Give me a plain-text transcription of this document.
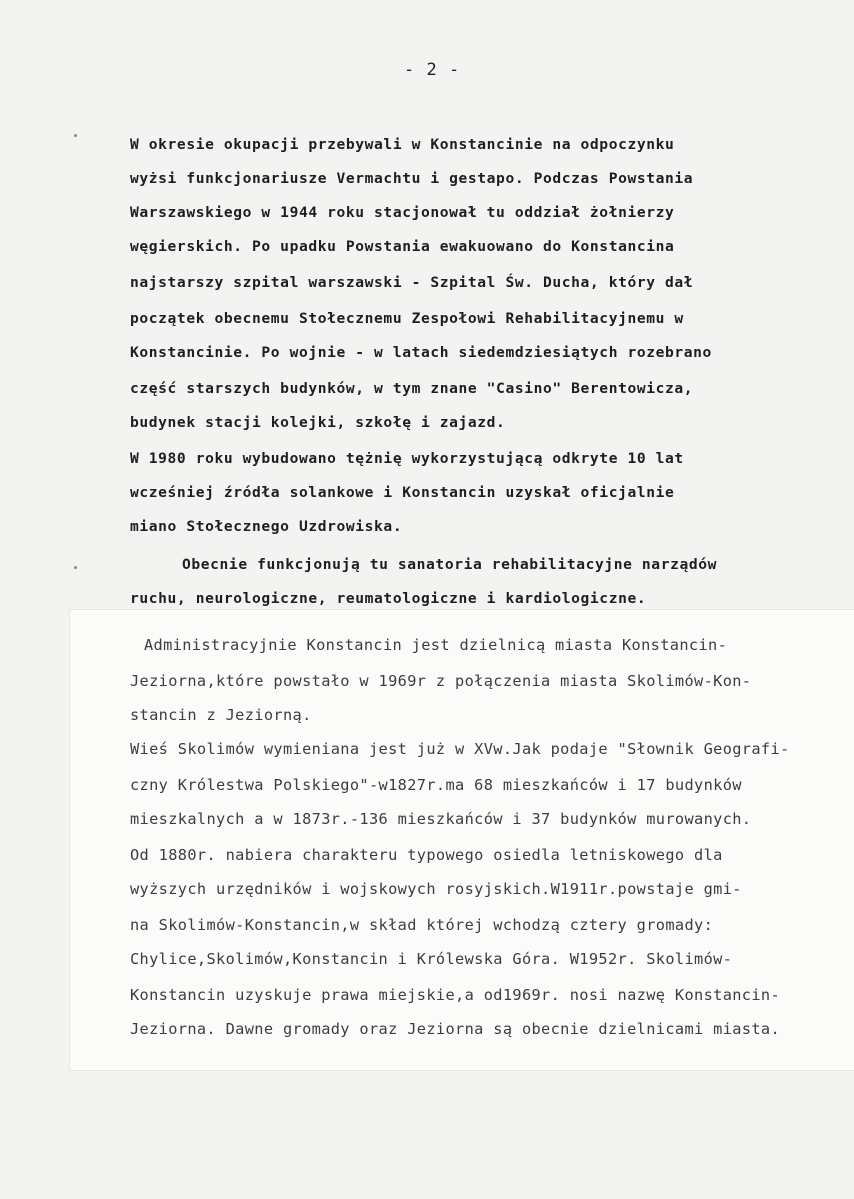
- 2 -
W okresie okupacji przebywali w Konstancinie na odpoczynku
wyżsi funkcjonariusze Vermachtu i gestapo. Podczas Powstania
Warszawskiego w 1944 roku stacjonował tu oddział żołnierzy
węgierskich. Po upadku Powstania ewakuowano do Konstancina
najstarszy szpital warszawski - Szpital Św. Ducha, który dał
początek obecnemu Stołecznemu Zespołowi Rehabilitacyjnemu w
Konstancinie. Po wojnie - w latach siedemdziesiątych rozebrano
część starszych budynków, w tym znane "Casino" Berentowicza,
budynek stacji kolejki, szkołę i zajazd.
W 1980 roku wybudowano tężnię wykorzystującą odkryte 10 lat
wcześniej źródła solankowe i Konstancin uzyskał oficjalnie
miano Stołecznego Uzdrowiska.
Obecnie funkcjonują tu sanatoria rehabilitacyjne narządów
ruchu, neurologiczne, reumatologiczne i kardiologiczne.
Administracyjnie Konstancin jest dzielnicą miasta Konstancin-
Jeziorna,które powstało w 1969r z połączenia miasta Skolimów-Kon-
stancin z Jeziorną.
Wieś Skolimów wymieniana jest już w XVw.Jak podaje "Słownik Geografi-
czny Królestwa Polskiego"-w1827r.ma 68 mieszkańców i 17 budynków
mieszkalnych a w 1873r.-136 mieszkańców i 37 budynków murowanych.
Od 1880r. nabiera charakteru typowego osiedla letniskowego dla
wyższych urzędników i wojskowych rosyjskich.W1911r.powstaje gmi-
na Skolimów-Konstancin,w skład której wchodzą cztery gromady:
Chylice,Skolimów,Konstancin i Królewska Góra. W1952r. Skolimów-
Konstancin uzyskuje prawa miejskie,a od1969r. nosi nazwę Konstancin-
Jeziorna. Dawne gromady oraz Jeziorna są obecnie dzielnicami miasta.
